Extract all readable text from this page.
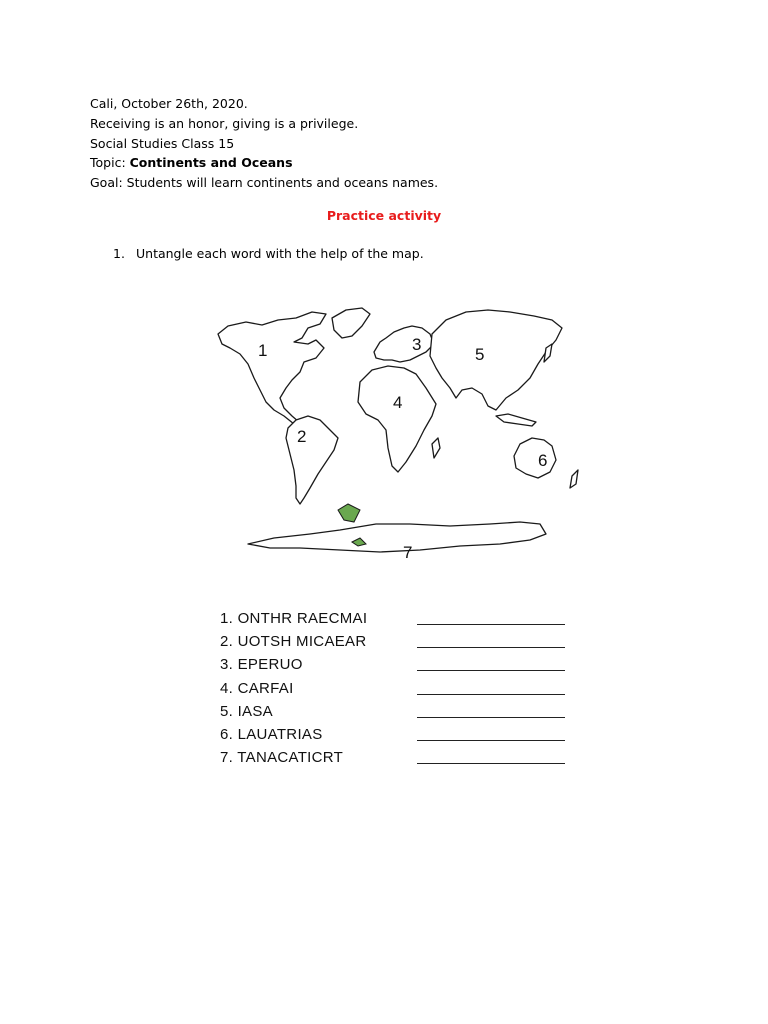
Cali, October 26th, 2020.
Receiving is an honor, giving is a privilege.
Social Studies Class 15
Topic: Continents and Oceans
Goal: Students will learn continents and oceans names.
Practice activity
1. Untangle each word with the help of the map.
1
2
3
4
5
6
7
1. ONTHR RAECMAI
2. UOTSH MICAEAR
3. EPERUO
4. CARFAI
5. IASA
6. LAUATRIAS
7. TANACATICRT
